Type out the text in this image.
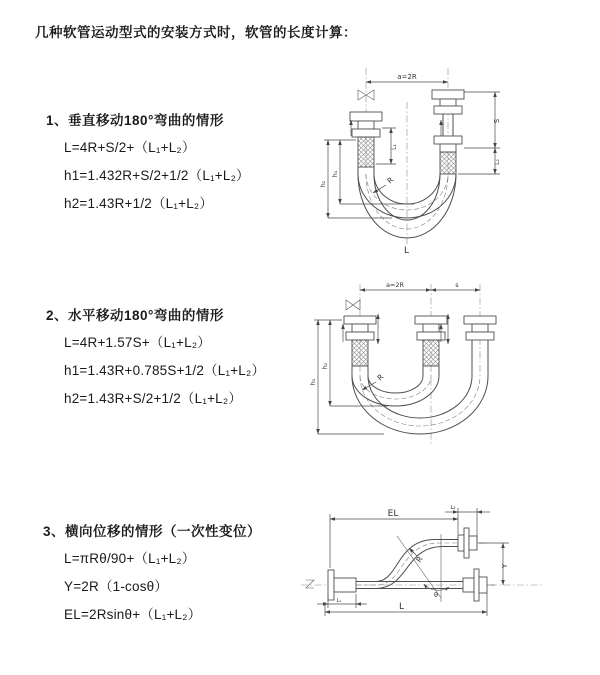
几种软管运动型式的安装方式时，软管的长度计算：
1、垂直移动180°弯曲的情形
L=4R+S/2+（L₁+L₂）
h1=1.432R+S/2+1/2（L₁+L₂）
h2=1.43R+1/2（L₁+L₂）
2、水平移动180°弯曲的情形
L=4R+1.57S+（L₁+L₂）
h1=1.43R+0.785S+1/2（L₁+L₂）
h2=1.43R+S/2+1/2（L₁+L₂）
3、横向位移的情形（一次性变位）
L=πRθ/90+（L₁+L₂）
Y=2R（1-cosθ）
EL=2Rsinθ+（L₁+L₂）
a=2R
h₁
h₂
L₁
S
L₂
R
L
a=2R	s
h₁
h₂
R
EL
L₂
Y
R
θ
L
L₁
